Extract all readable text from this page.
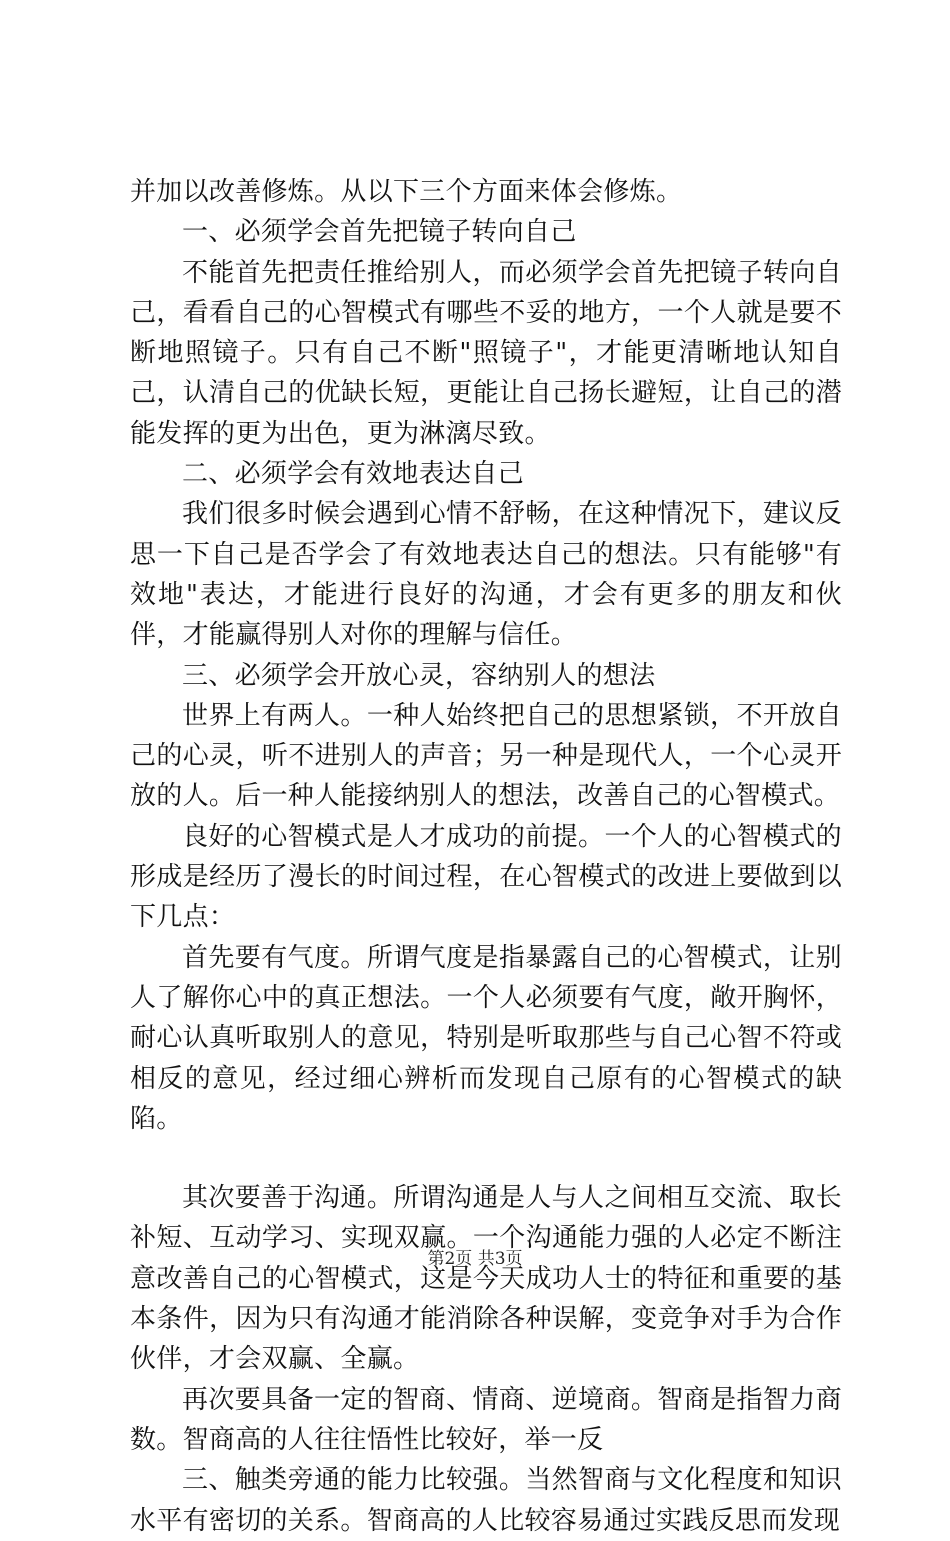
并加以改善修炼。从以下三个方面来体会修炼。

一、必须学会首先把镜子转向自己

不能首先把责任推给别人，而必须学会首先把镜子转向自己，看看自己的心智模式有哪些不妥的地方，一个人就是要不断地照镜子。只有自己不断"照镜子"，才能更清晰地认知自己，认清自己的优缺长短，更能让自己扬长避短，让自己的潜能发挥的更为出色，更为淋漓尽致。

二、必须学会有效地表达自己

我们很多时候会遇到心情不舒畅，在这种情况下，建议反思一下自己是否学会了有效地表达自己的想法。只有能够"有效地"表达，才能进行良好的沟通，才会有更多的朋友和伙伴，才能赢得别人对你的理解与信任。

三、必须学会开放心灵，容纳别人的想法

世界上有两人。一种人始终把自己的思想紧锁，不开放自己的心灵，听不进别人的声音；另一种是现代人，一个心灵开放的人。后一种人能接纳别人的想法，改善自己的心智模式。

良好的心智模式是人才成功的前提。一个人的心智模式的形成是经历了漫长的时间过程，在心智模式的改进上要做到以下几点：

首先要有气度。所谓气度是指暴露自己的心智模式，让别人了解你心中的真正想法。一个人必须要有气度，敞开胸怀，耐心认真听取别人的意见，特别是听取那些与自己心智不符或相反的意见，经过细心辨析而发现自己原有的心智模式的缺陷。

其次要善于沟通。所谓沟通是人与人之间相互交流、取长补短、互动学习、实现双赢。一个沟通能力强的人必定不断注意改善自己的心智模式，这是今天成功人士的特征和重要的基本条件，因为只有沟通才能消除各种误解，变竞争对手为合作伙伴，才会双赢、全赢。

再次要具备一定的智商、情商、逆境商。智商是指智力商数。智商高的人往往悟性比较好，举一反

三、触类旁通的能力比较强。当然智商与文化程度和知识水平有密切的关系。智商高的人比较容易通过实践反思而发现

第2页 共3页
